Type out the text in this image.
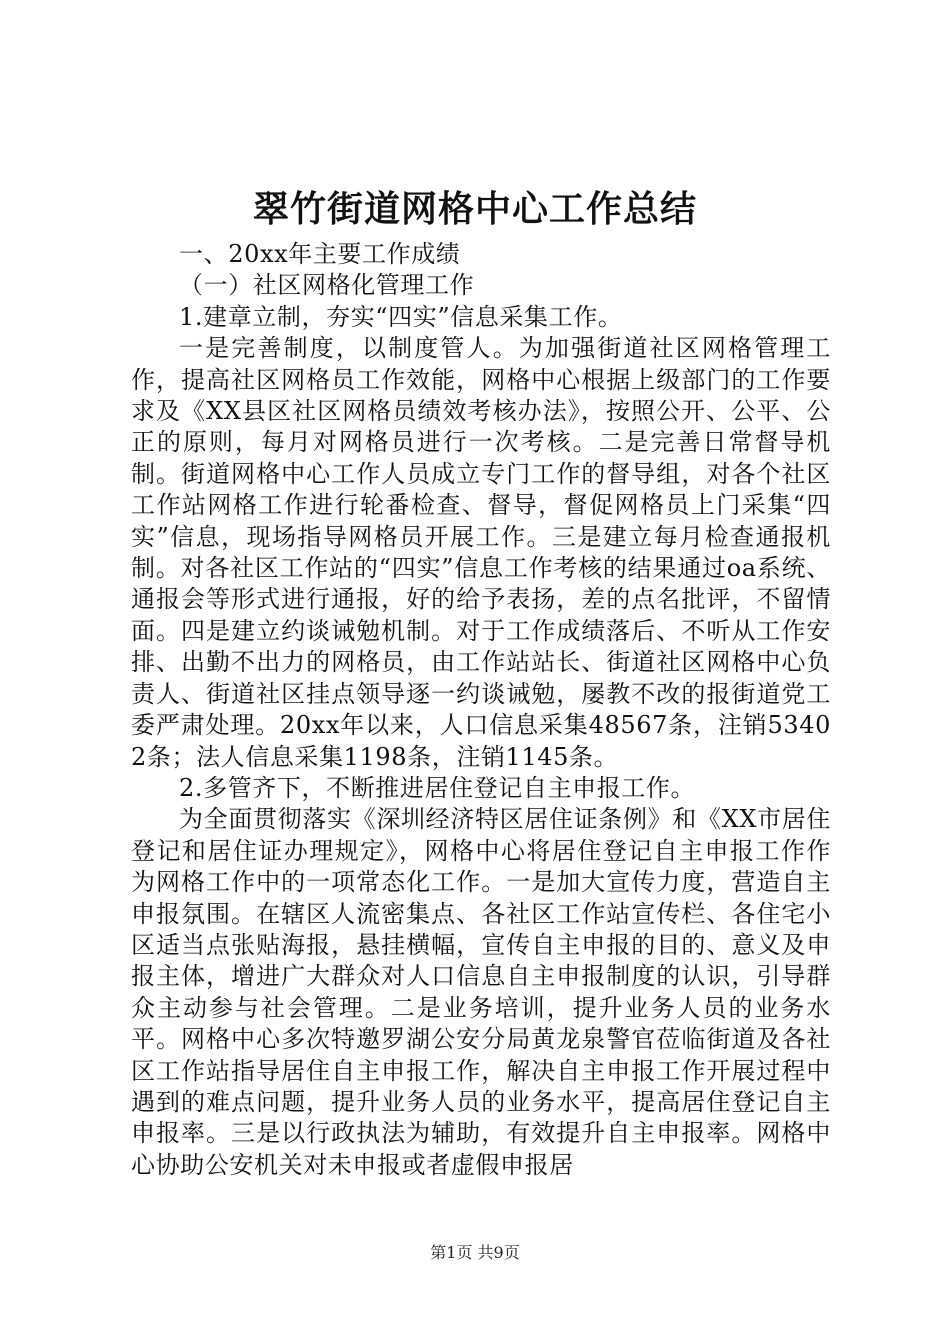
翠竹街道网格中心工作总结

一、20xx年主要工作成绩

（一）社区网格化管理工作

1.建章立制，夯实“四实”信息采集工作。

一是完善制度，以制度管人。为加强街道社区网格管理工作，提高社区网格员工作效能，网格中心根据上级部门的工作要求及《XX县区社区网格员绩效考核办法》，按照公开、公平、公正的原则，每月对网格员进行一次考核。二是完善日常督导机制。街道网格中心工作人员成立专门工作的督导组，对各个社区工作站网格工作进行轮番检查、督导，督促网格员上门采集“四实”信息，现场指导网格员开展工作。三是建立每月检查通报机制。对各社区工作站的“四实”信息工作考核的结果通过oa系统、通报会等形式进行通报，好的给予表扬，差的点名批评，不留情面。四是建立约谈诫勉机制。对于工作成绩落后、不听从工作安排、出勤不出力的网格员，由工作站站长、街道社区网格中心负责人、街道社区挂点领导逐一约谈诫勉，屡教不改的报街道党工委严肃处理。20xx年以来，人口信息采集48567条，注销53402条；法人信息采集1198条，注销1145条。

2.多管齐下，不断推进居住登记自主申报工作。

为全面贯彻落实《深圳经济特区居住证条例》和《XX市居住登记和居住证办理规定》，网格中心将居住登记自主申报工作作为网格工作中的一项常态化工作。一是加大宣传力度，营造自主申报氛围。在辖区人流密集点、各社区工作站宣传栏、各住宅小区适当点张贴海报，悬挂横幅，宣传自主申报的目的、意义及申报主体，增进广大群众对人口信息自主申报制度的认识，引导群众主动参与社会管理。二是业务培训，提升业务人员的业务水平。网格中心多次特邀罗湖公安分局黄龙泉警官莅临街道及各社区工作站指导居住自主申报工作，解决自主申报工作开展过程中遇到的难点问题，提升业务人员的业务水平，提高居住登记自主申报率。三是以行政执法为辅助，有效提升自主申报率。网格中心协助公安机关对未申报或者虚假申报居

第1页 共9页
